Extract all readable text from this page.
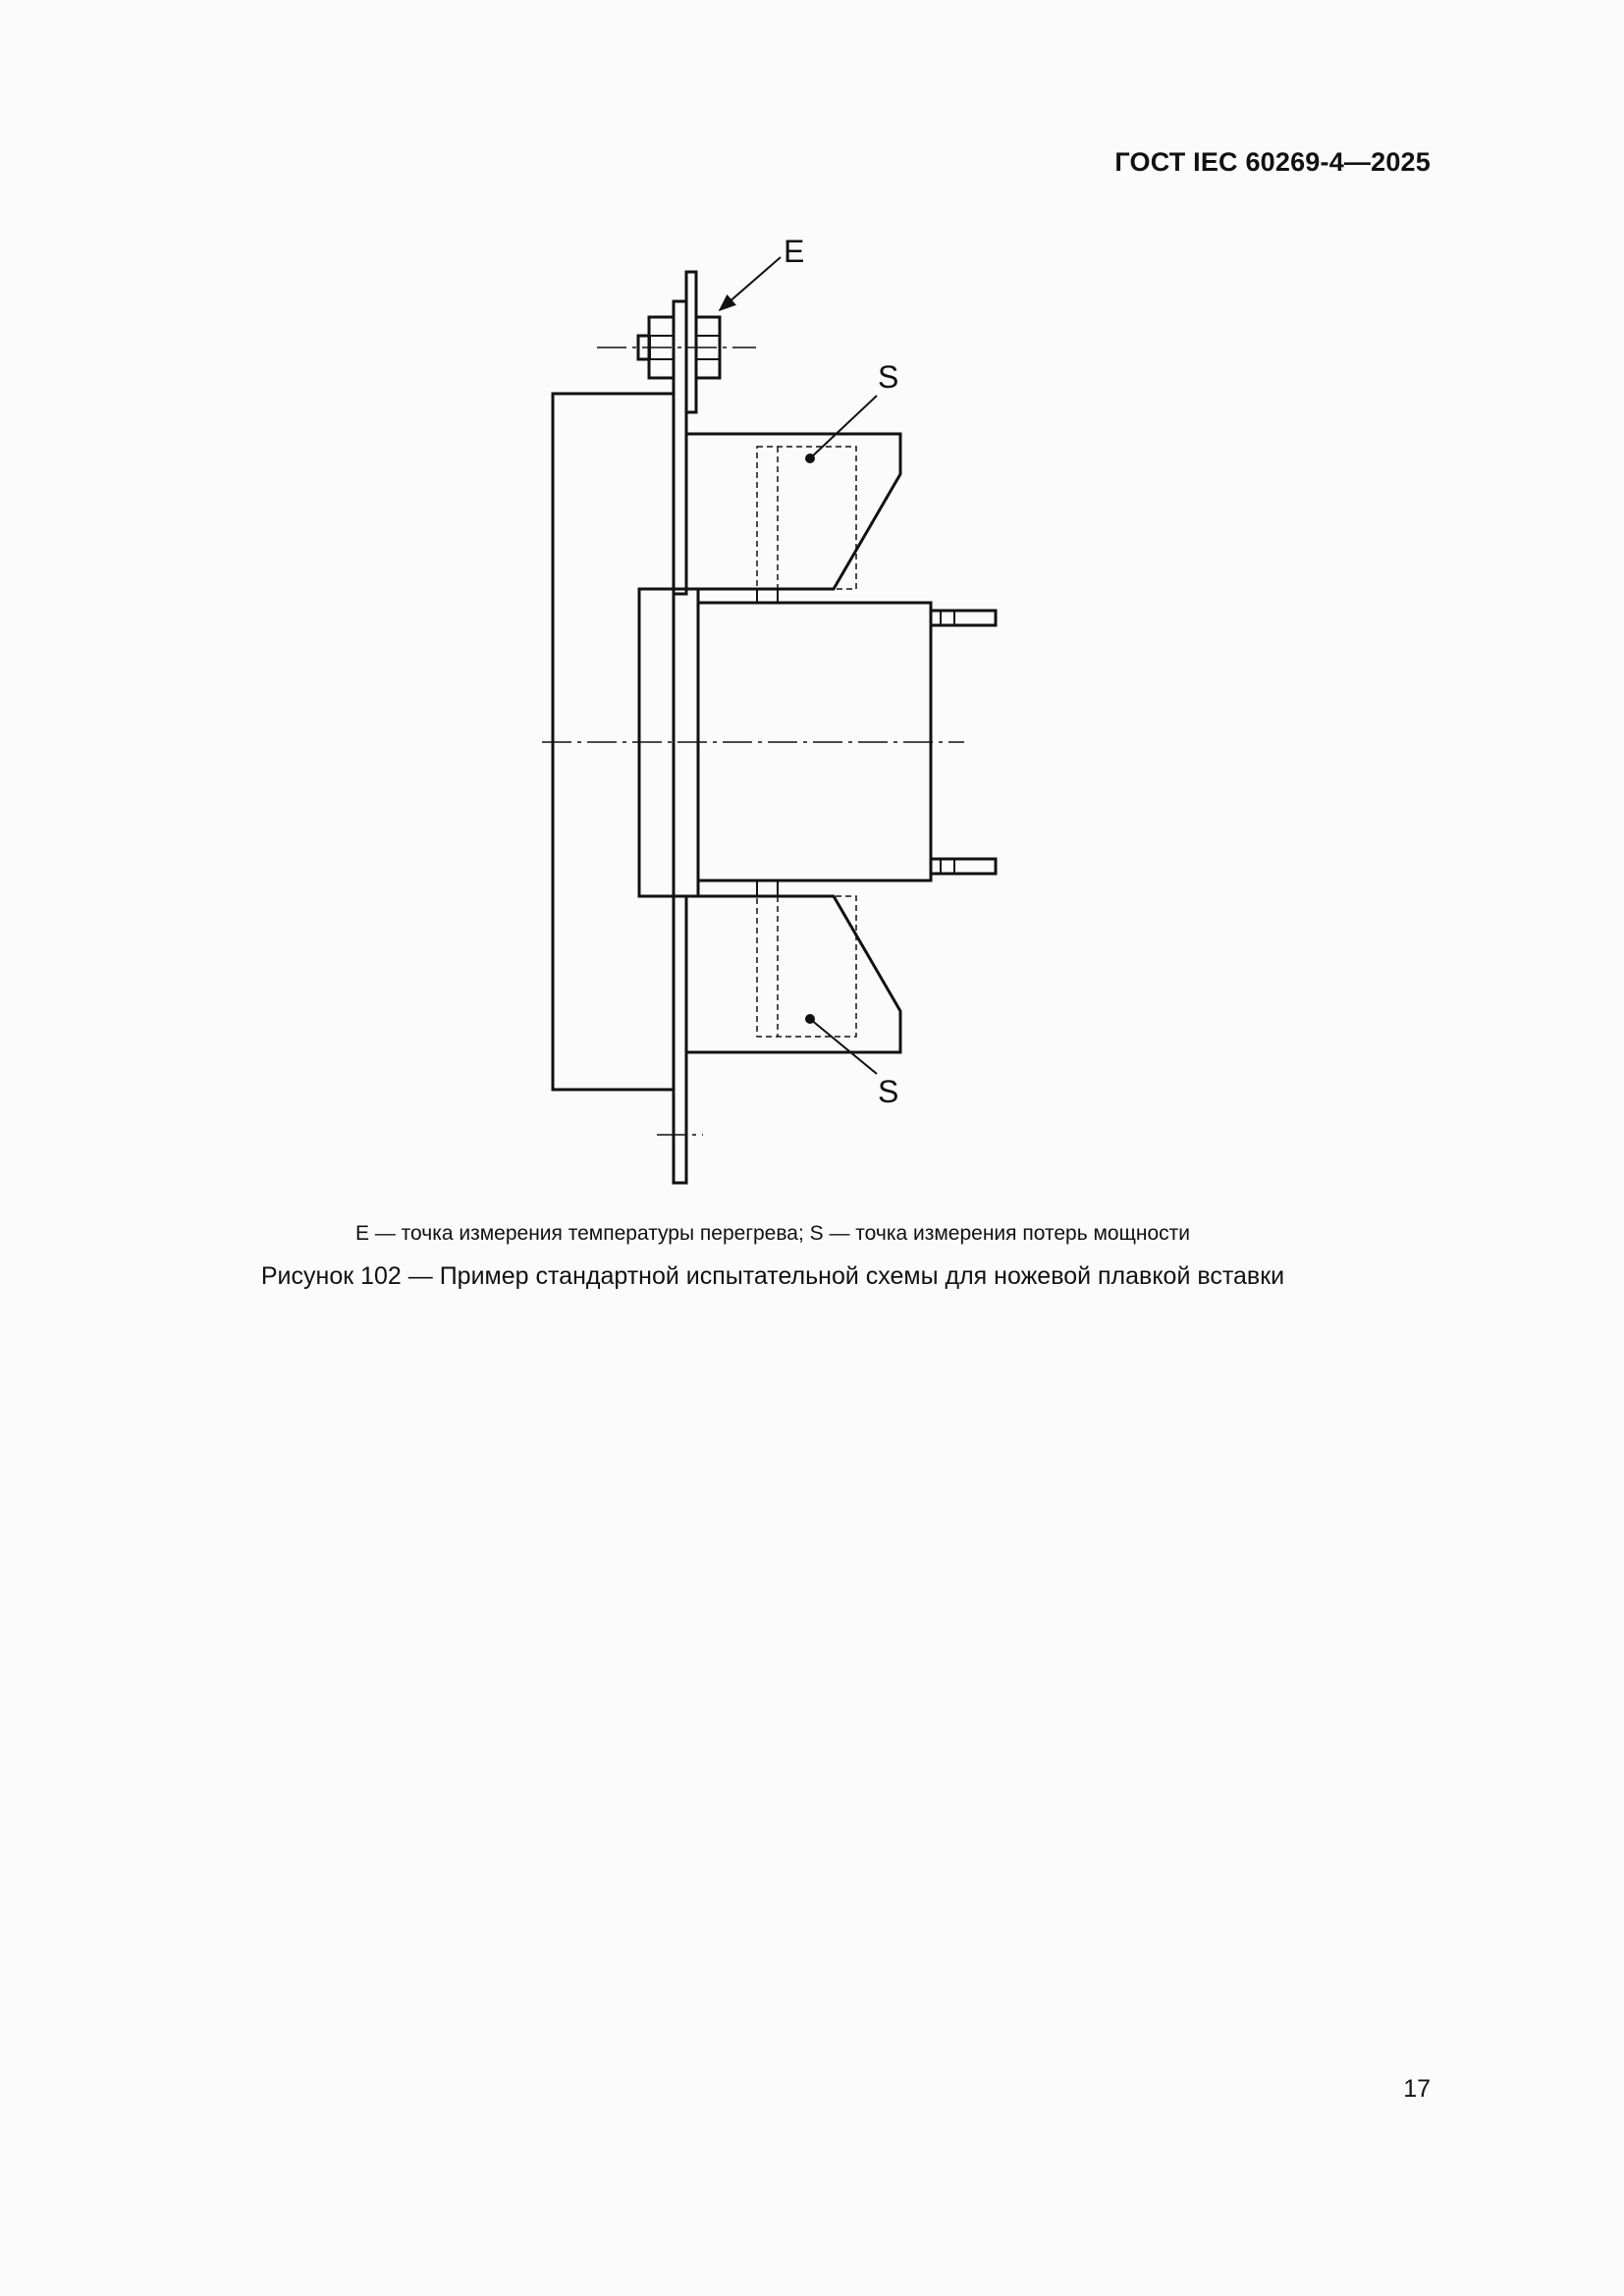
ГОСТ IEC 60269-4—2025
E
S
S
E — точка измерения температуры перегрева; S — точка измерения потерь мощности
Рисунок 102 — Пример стандартной испытательной схемы для ножевой плавкой вставки
17
